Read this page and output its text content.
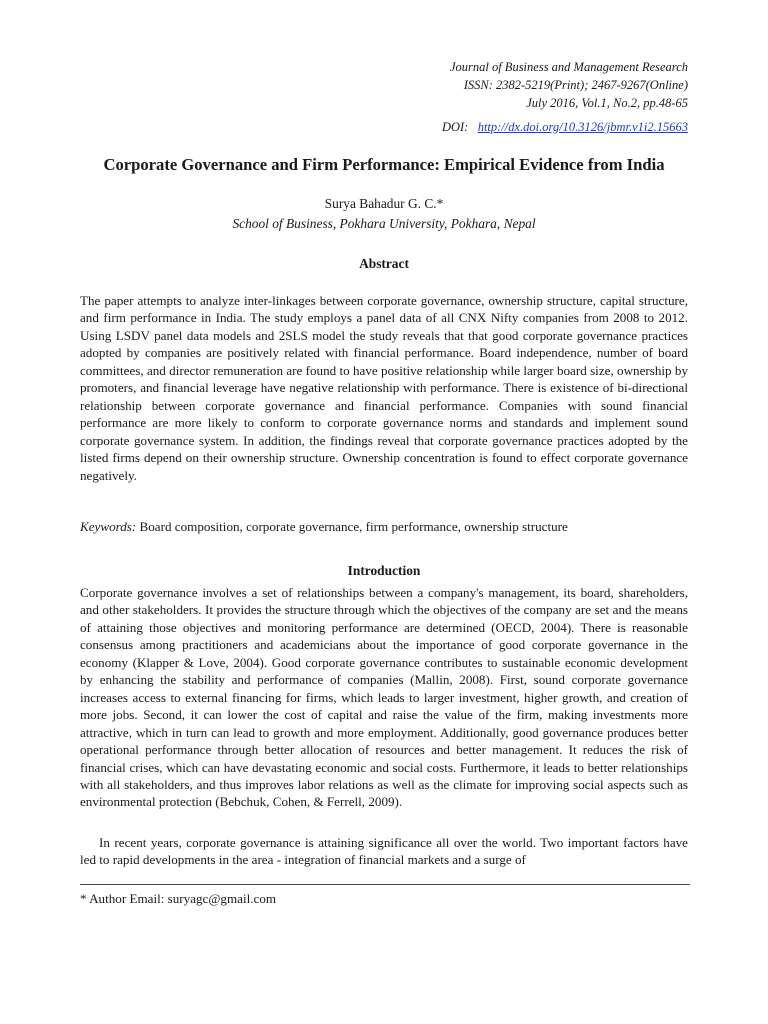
Journal of Business and Management Research
ISSN: 2382-5219(Print); 2467-9267(Online)
July 2016, Vol.1, No.2, pp.48-65
DOI: http://dx.doi.org/10.3126/jbmr.v1i2.15663
Corporate Governance and Firm Performance: Empirical Evidence from India
Surya Bahadur G. C.*
School of Business, Pokhara University, Pokhara, Nepal
Abstract

The paper attempts to analyze inter-linkages between corporate governance, ownership structure, capital structure, and firm performance in India. The study employs a panel data of all CNX Nifty companies from 2008 to 2012. Using LSDV panel data models and 2SLS model the study reveals that that good corporate governance practices adopted by companies are positively related with financial performance. Board independence, number of board committees, and director remuneration are found to have positive relationship while larger board size, ownership by promoters, and financial leverage have negative relationship with performance. There is existence of bi-directional relationship between corporate governance and financial performance. Companies with sound financial performance are more likely to conform to corporate governance norms and standards and implement sound corporate governance system. In addition, the findings reveal that corporate governance practices adopted by the listed firms depend on their ownership structure. Ownership concentration is found to effect corporate governance negatively.

Keywords: Board composition, corporate governance, firm performance, ownership structure
Introduction

Corporate governance involves a set of relationships between a company's management, its board, shareholders, and other stakeholders. It provides the structure through which the objectives of the company are set and the means of attaining those objectives and monitoring performance are determined (OECD, 2004). There is reasonable consensus among practitioners and academicians about the importance of good corporate governance in the economy (Klapper & Love, 2004). Good corporate governance contributes to sustainable economic development by enhancing the stability and performance of companies (Mallin, 2008). First, sound corporate governance increases access to external financing for firms, which leads to larger investment, higher growth, and creation of more jobs. Second, it can lower the cost of capital and raise the value of the firm, making investments more attractive, which in turn can lead to growth and more employment. Additionally, good governance produces better operational performance through better allocation of resources and better management. It reduces the risk of financial crises, which can have devastating economic and social costs. Furthermore, it leads to better relationships with all stakeholders, and thus improves labor relations as well as the climate for improving social aspects such as environmental protection (Bebchuk, Cohen, & Ferrell, 2009).

In recent years, corporate governance is attaining significance all over the world. Two important factors have led to rapid developments in the area - integration of financial markets and a surge of

* Author Email: suryagc@gmail.com
